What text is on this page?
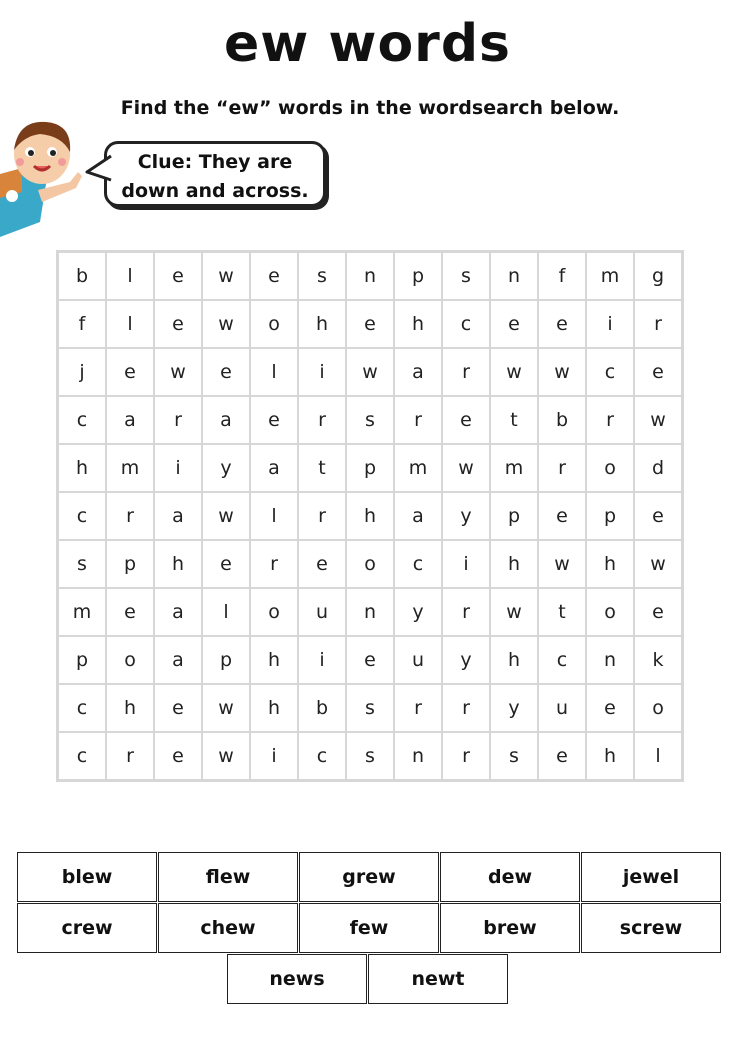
ew words
Find the “ew” words in the wordsearch below.
Clue: They are
down and across.
b	l	e	w	e	s	n	p	s	n	f	m	g
f	l	e	w	o	h	e	h	c	e	e	i	r
j	e	w	e	l	i	w	a	r	w	w	c	e
c	a	r	a	e	r	s	r	e	t	b	r	w
h	m	i	y	a	t	p	m	w	m	r	o	d
c	r	a	w	l	r	h	a	y	p	e	p	e
s	p	h	e	r	e	o	c	i	h	w	h	w
m	e	a	l	o	u	n	y	r	w	t	o	e
p	o	a	p	h	i	e	u	y	h	c	n	k
c	h	e	w	h	b	s	r	r	y	u	e	o
c	r	e	w	i	c	s	n	r	s	e	h	l
blew	flew	grew	dew	jewel
crew	chew	few	brew	screw
news	newt
